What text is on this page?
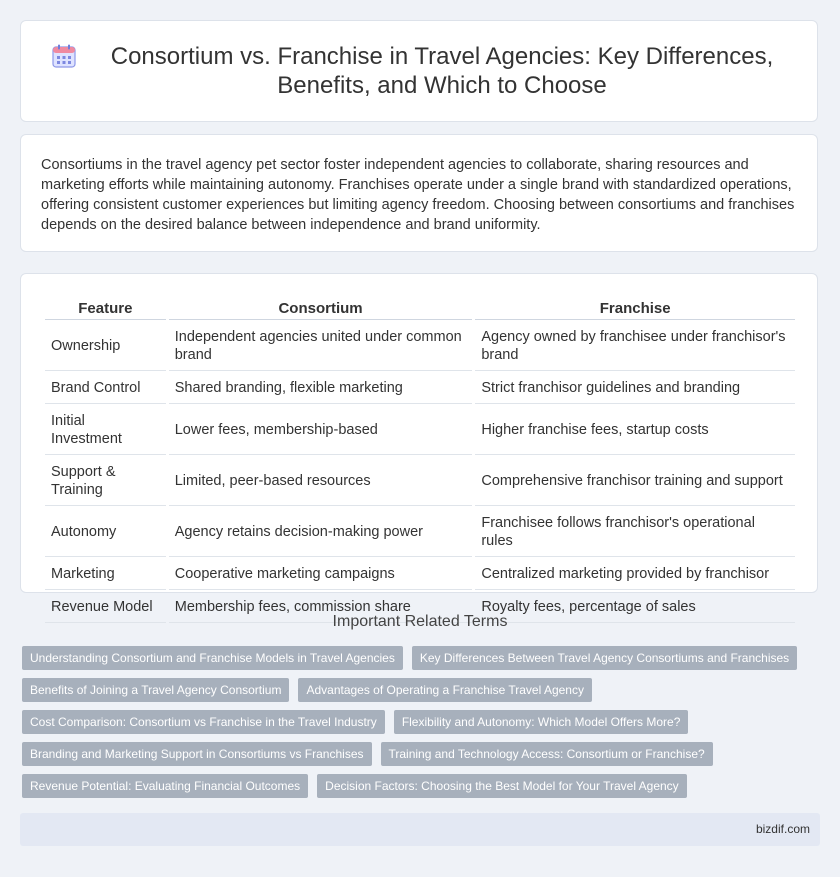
Consortium vs. Franchise in Travel Agencies: Key Differences, Benefits, and Which to Choose

Consortiums in the travel agency pet sector foster independent agencies to collaborate, sharing resources and marketing efforts while maintaining autonomy. Franchises operate under a single brand with standardized operations, offering consistent customer experiences but limiting agency freedom. Choosing between consortiums and franchises depends on the desired balance between independence and brand uniformity.

Feature	Consortium	Franchise
Ownership	Independent agencies united under common brand	Agency owned by franchisee under franchisor's brand
Brand Control	Shared branding, flexible marketing	Strict franchisor guidelines and branding
Initial Investment	Lower fees, membership-based	Higher franchise fees, startup costs
Support & Training	Limited, peer-based resources	Comprehensive franchisor training and support
Autonomy	Agency retains decision-making power	Franchisee follows franchisor's operational rules
Marketing	Cooperative marketing campaigns	Centralized marketing provided by franchisor
Revenue Model	Membership fees, commission share	Royalty fees, percentage of sales
Important Related Terms
Understanding Consortium and Franchise Models in Travel Agencies	Key Differences Between Travel Agency Consortiums and Franchises
Benefits of Joining a Travel Agency Consortium	Advantages of Operating a Franchise Travel Agency
Cost Comparison: Consortium vs Franchise in the Travel Industry	Flexibility and Autonomy: Which Model Offers More?
Branding and Marketing Support in Consortiums vs Franchises	Training and Technology Access: Consortium or Franchise?
Revenue Potential: Evaluating Financial Outcomes	Decision Factors: Choosing the Best Model for Your Travel Agency
bizdif.com
